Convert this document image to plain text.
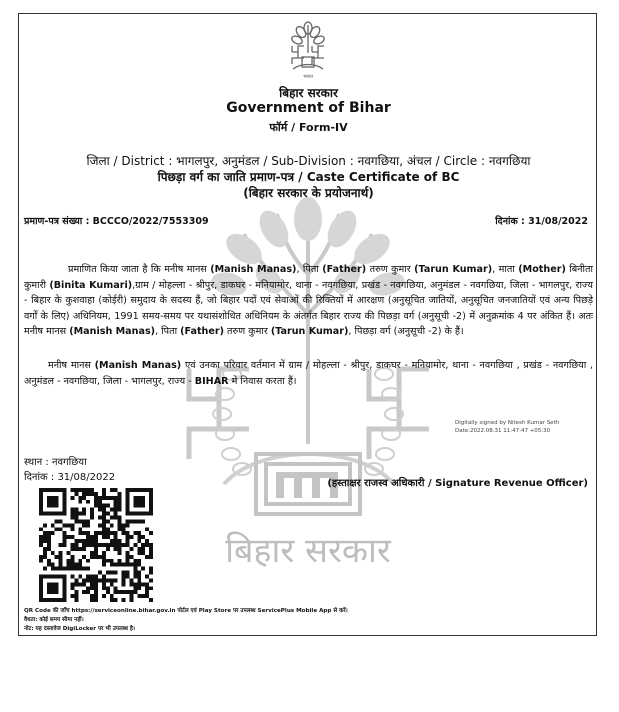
बिहार सरकार
भारत
बिहार सरकार
Government of Bihar
फॉर्म / Form-IV
जिला / District : भागलपुर, अनुमंडल / Sub-Division : नवगछिया, अंचल / Circle : नवगछिया
पिछड़ा वर्ग का जाति प्रमाण-पत्र / Caste Certificate of BC
(बिहार सरकार के प्रयोजनार्थ)
प्रमाण-पत्र संख्या : BCCCO/2022/7553309	दिनांक : 31/08/2022
प्रमाणित किया जाता है कि मनीष मानस (Manish Manas), पिता (Father) तरुण कुमार (Tarun Kumar), माता (Mother) बिनीता कुमारी (Binita Kumari),ग्राम / मोहल्ला - श्रीपुर, डाकघर - मनियामोर, थाना - नवगछिया, प्रखंड - नवगछिया, अनुमंडल - नवगछिया, जिला - भागलपुर, राज्य - बिहार के कुशवाहा (कोईरी) समुदाय के सदस्य हैं, जो बिहार पदों एवं सेवाओं की रिक्तियों में आरक्षण (अनुसूचित जातियों, अनुसूचित जनजातियों एवं अन्य पिछड़े वर्गों के लिए) अधिनियम, 1991 समय-समय पर यथासंशोधित अधिनियम के अंतर्गत बिहार राज्य की पिछड़ा वर्ग (अनुसूची -2) में अनुक्रमांक 4 पर अंकित हैं। अतः मनीष मानस (Manish Manas), पिता (Father) तरुण कुमार (Tarun Kumar), पिछड़ा वर्ग (अनुसूची -2) के हैं।
मनीष मानस (Manish Manas) एवं उनका परिवार वर्तमान में ग्राम / मोहल्ला - श्रीपुर, डाकघर - मनियामोर, थाना - नवगछिया , प्रखंड - नवगछिया , अनुमंडल - नवगछिया, जिला - भागलपुर, राज्य - BIHAR में निवास करता हैं।
Digitally signed by Nitesh Kumar Seth
Date:2022.08.31 11:47:47 +05:30
स्थान : नवगछिया
दिनांक : 31/08/2022
(हस्ताक्षर राजस्व अधिकारी / Signature Revenue Officer)
QR Code की जाँच https://serviceonline.bihar.gov.in पोर्टल एवं Play Store पर उपलब्ध ServicePlus Mobile App से करें।
वैधता: कोई समय सीमा नहीं।
नोट: यह दस्तावेज DigiLocker पर भी उपलब्ध है।
